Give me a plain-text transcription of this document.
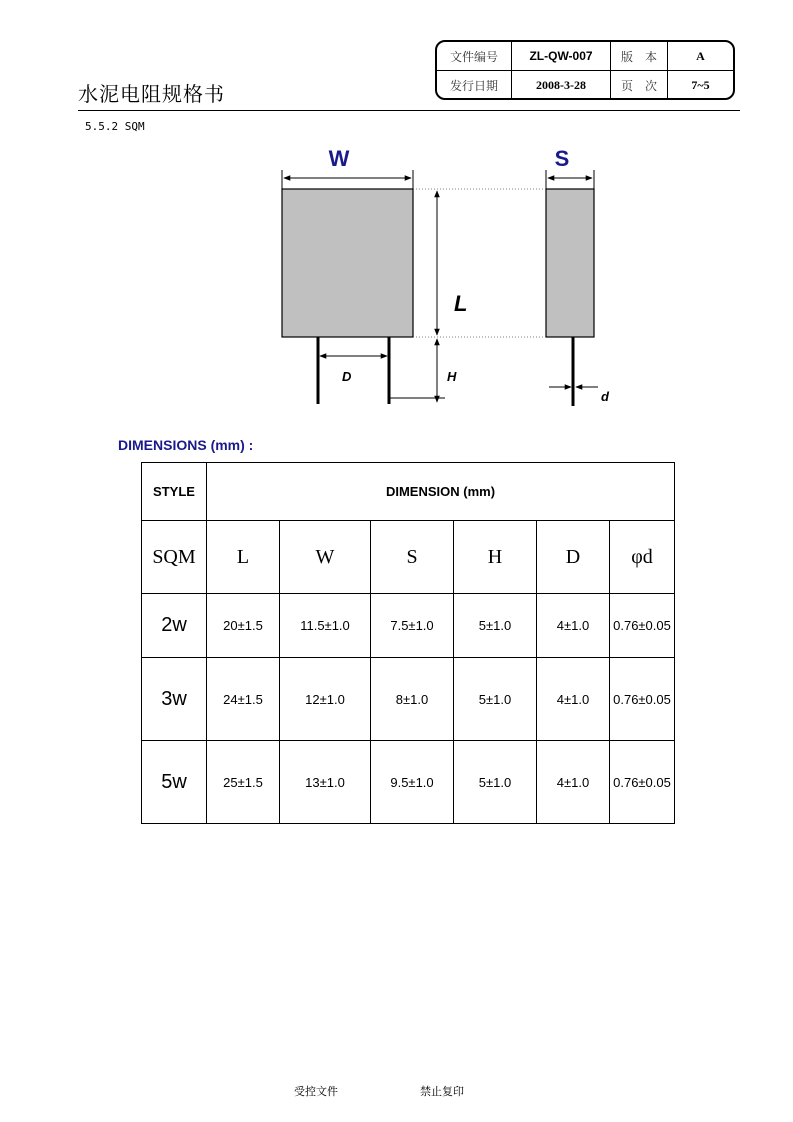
水泥电阻规格书
文件编号	ZL-QW-007	版　本	A
发行日期	2008-3-28	页　次	7~5
5.5.2 SQM
W	S
L
D	H
d
DIMENSIONS (mm) :
STYLE	DIMENSION (mm)					
SQM	L	W	S	H	D	φd
2w	20±1.5	11.5±1.0	7.5±1.0	5±1.0	4±1.0	0.76±0.05
3w	24±1.5	12±1.0	8±1.0	5±1.0	4±1.0	0.76±0.05
5w	25±1.5	13±1.0	9.5±1.0	5±1.0	4±1.0	0.76±0.05
受控文件	禁止复印
